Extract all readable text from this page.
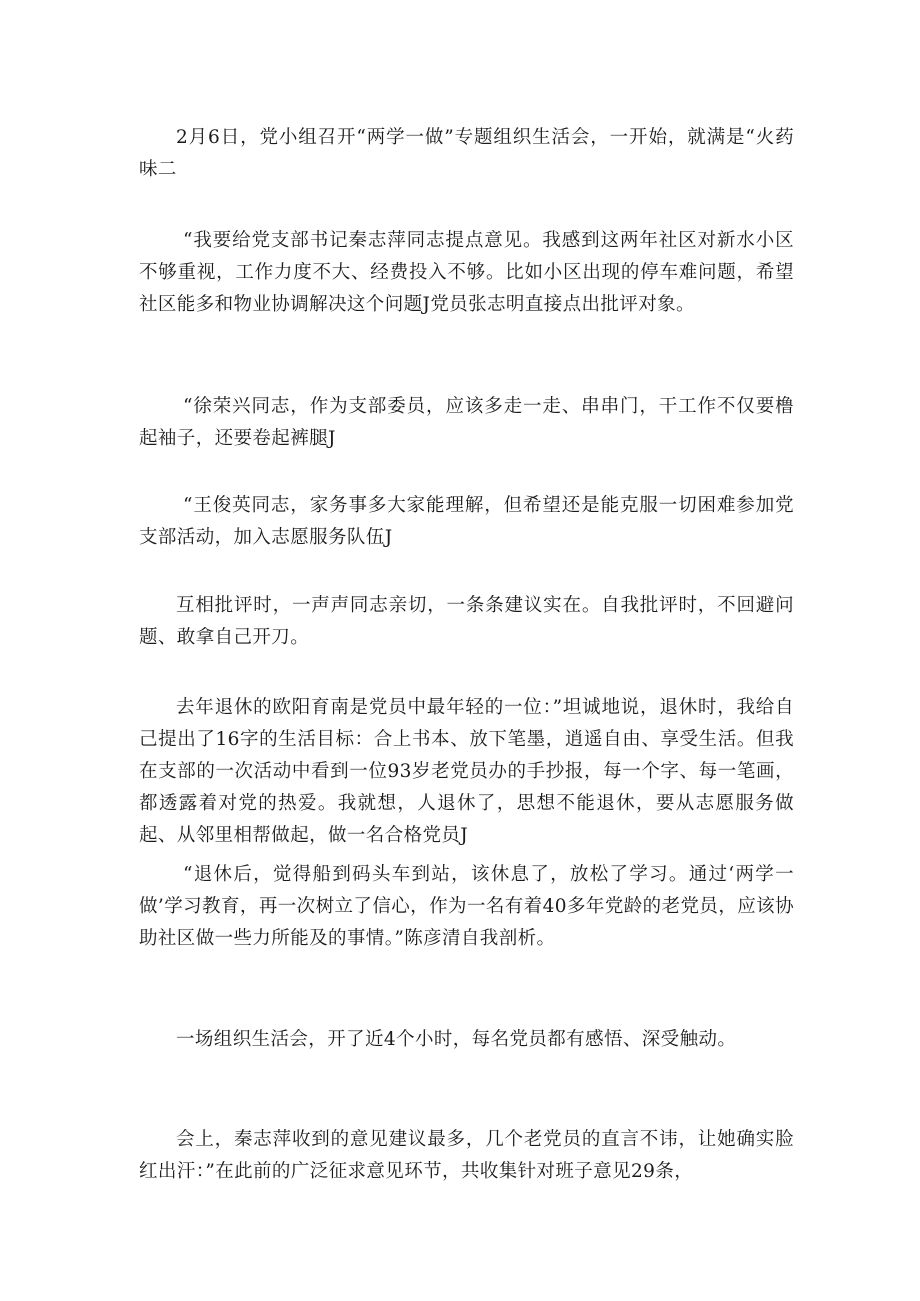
2月6日，党小组召开“两学一做”专题组织生活会，一开始，就满是“火药味二

“我要给党支部书记秦志萍同志提点意见。我感到这两年社区对新水小区不够重视，工作力度不大、经费投入不够。比如小区出现的停车难问题，希望社区能多和物业协调解决这个问题J党员张志明直接点出批评对象。

“徐荣兴同志，作为支部委员，应该多走一走、串串门，干工作不仅要橹起袖子，还要卷起裤腿J

“王俊英同志，家务事多大家能理解，但希望还是能克服一切困难参加党支部活动，加入志愿服务队伍J

互相批评时，一声声同志亲切，一条条建议实在。自我批评时，不回避问题、敢拿自己开刀。

去年退休的欧阳育南是党员中最年轻的一位：”坦诚地说，退休时，我给自己提出了16字的生活目标：合上书本、放下笔墨，逍遥自由、享受生活。但我在支部的一次活动中看到一位93岁老党员办的手抄报，每一个字、每一笔画，都透露着对党的热爱。我就想，人退休了，思想不能退休，要从志愿服务做起、从邻里相帮做起，做一名合格党员J

“退休后，觉得船到码头车到站，该休息了，放松了学习。通过‘两学一做’学习教育，再一次树立了信心，作为一名有着40多年党龄的老党员，应该协助社区做一些力所能及的事情。”陈彦清自我剖析。

一场组织生活会，开了近4个小时，每名党员都有感悟、深受触动。

会上，秦志萍收到的意见建议最多，几个老党员的直言不讳，让她确实脸红出汗：”在此前的广泛征求意见环节，共收集针对班子意见29条，
